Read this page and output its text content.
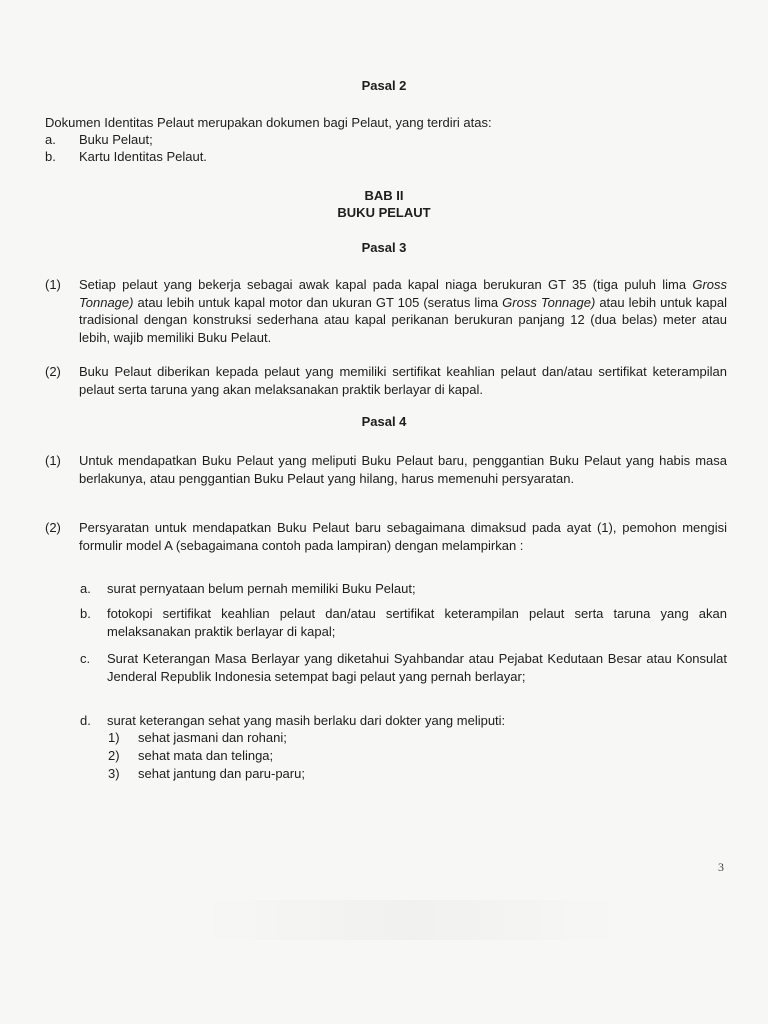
Pasal 2

Dokumen Identitas Pelaut merupakan dokumen bagi Pelaut, yang terdiri atas:

a. Buku Pelaut;
b. Kartu Identitas Pelaut.
BAB II
BUKU PELAUT
Pasal 3
(1)	Setiap pelaut yang bekerja sebagai awak kapal pada kapal niaga berukuran GT 35 (tiga puluh lima Gross Tonnage) atau lebih untuk kapal motor dan ukuran GT 105 (seratus lima Gross Tonnage) atau lebih untuk kapal tradisional dengan konstruksi sederhana atau kapal perikanan berukuran panjang 12 (dua belas) meter atau lebih, wajib memiliki Buku Pelaut.
(2)	Buku Pelaut diberikan kepada pelaut yang memiliki sertifikat keahlian pelaut dan/atau sertifikat keterampilan pelaut serta taruna yang akan melaksanakan praktik berlayar di kapal.
Pasal 4
(1)	Untuk mendapatkan Buku Pelaut yang meliputi Buku Pelaut baru, penggantian Buku Pelaut yang habis masa berlakunya, atau penggantian Buku Pelaut yang hilang, harus memenuhi persyaratan.
(2)	Persyaratan untuk mendapatkan Buku Pelaut baru sebagaimana dimaksud pada ayat (1), pemohon mengisi formulir model A (sebagaimana contoh pada lampiran) dengan melampirkan :
a.	surat pernyataan belum pernah memiliki Buku Pelaut;
b.	fotokopi sertifikat keahlian pelaut dan/atau sertifikat keterampilan pelaut serta taruna yang akan melaksanakan praktik berlayar di kapal;
c.	Surat Keterangan Masa Berlayar yang diketahui Syahbandar atau Pejabat Kedutaan Besar atau Konsulat Jenderal Republik Indonesia setempat bagi pelaut yang pernah berlayar;
d.	surat keterangan sehat yang masih berlaku dari dokter yang meliputi:
1)	sehat jasmani dan rohani;
2)	sehat mata dan telinga;
3)	sehat jantung dan paru-paru;
3
